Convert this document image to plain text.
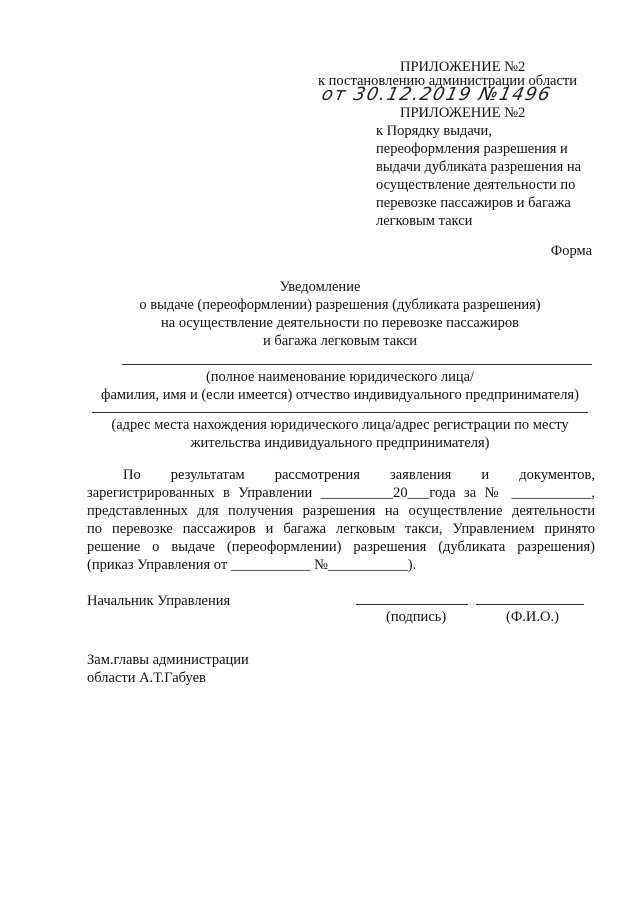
ПРИЛОЖЕНИЕ №2
к постановлению администрации области
от 30.12.2019 №1496
ПРИЛОЖЕНИЕ №2
к Порядку выдачи,
переоформления разрешения и
выдачи дубликата разрешения на
осуществление деятельности по
перевозке пассажиров и багажа
легковым такси
Форма
Уведомление
о выдаче (переоформлении) разрешения (дубликата разрешения)
на осуществление деятельности по перевозке пассажиров
и багажа легковым такси
(полное наименование юридического лица/
фамилия, имя и (если имеется) отчество индивидуального предпринимателя)
(адрес места нахождения юридического лица/адрес регистрации по месту
жительства индивидуального предпринимателя)
По результатам рассмотрения заявления и документов,
зарегистрированных в Управлении __________20___года за № ___________,
представленных для получения разрешения на осуществление деятельности
по перевозке пассажиров и багажа легковым такси, Управлением принято
решение о выдаче (переоформлении) разрешения (дубликата разрешения)
(приказ Управления от ___________ №___________).
Начальник Управления
(подпись)	(Ф.И.О.)
Зам.главы администрации
области А.Т.Габуев
